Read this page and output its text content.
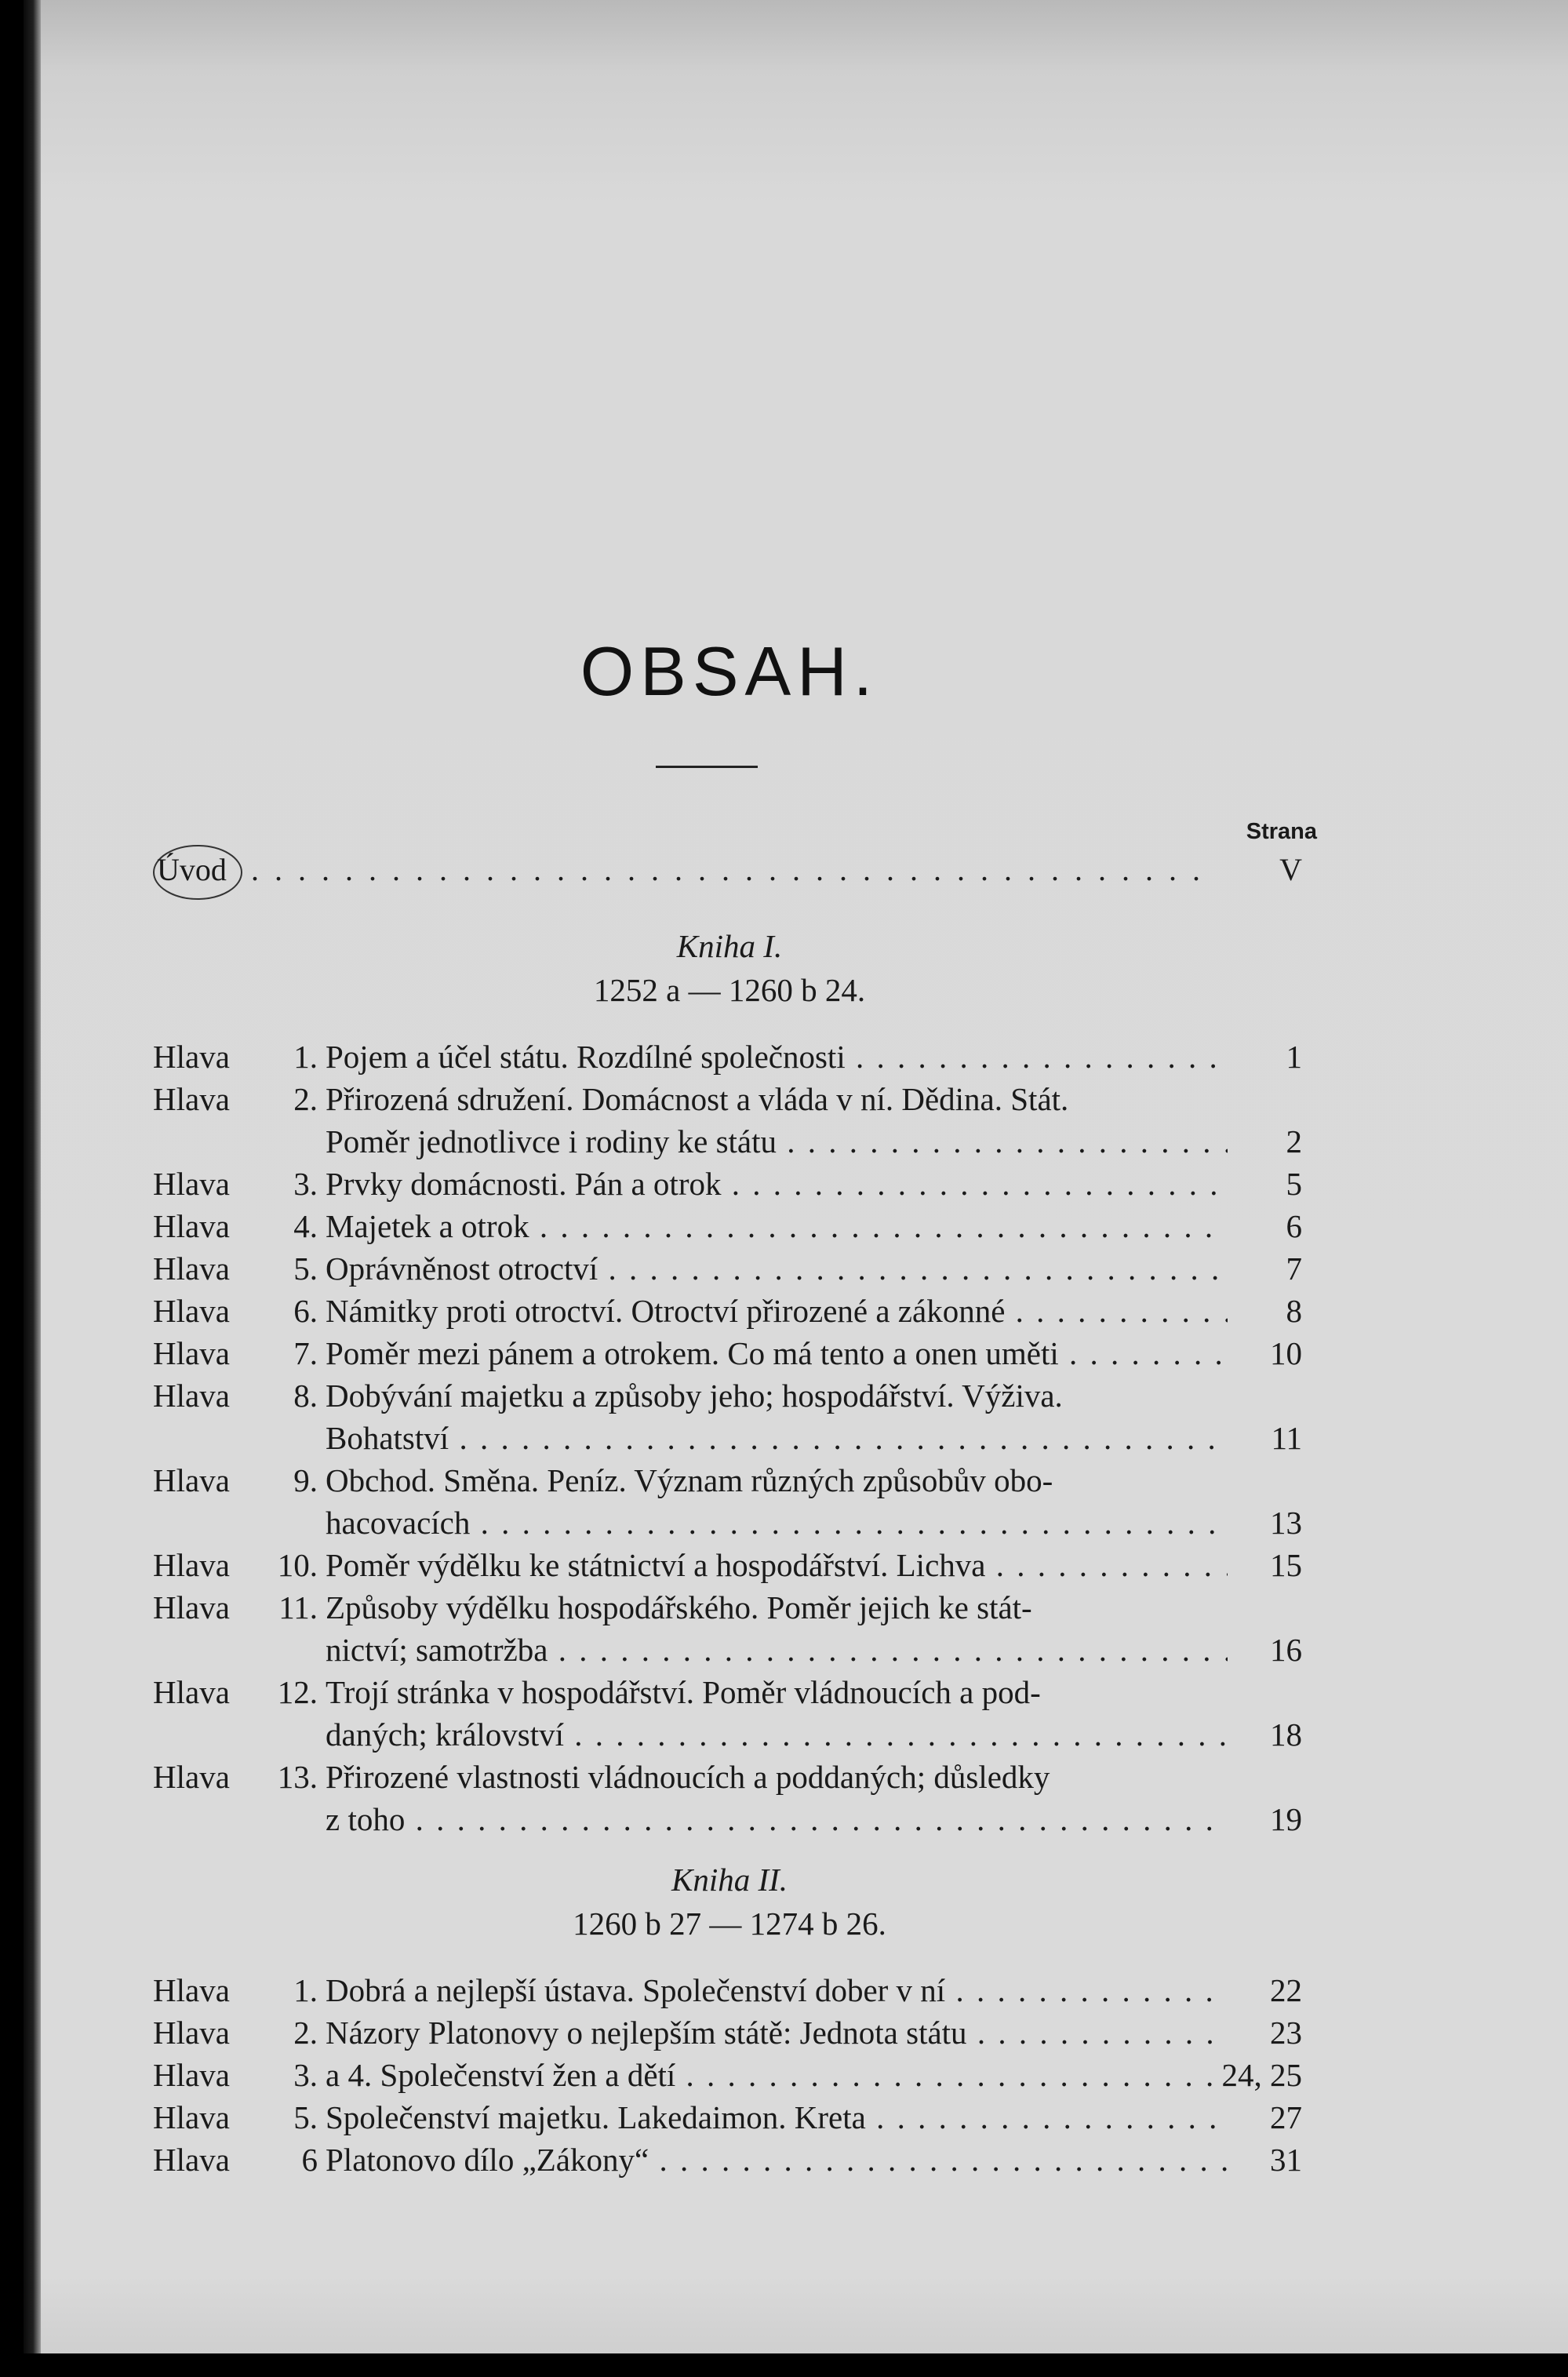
OBSAH.
Strana
Úvod . . .	V
Kniha I.
1252 a — 1260 b 24.
Hlava	1. Pojem a účel státu. Rozdílné společnosti . . .	1
Hlava	2. Přirozená sdružení. Domácnost a vláda v ní. Dědina. Stát.
Poměr jednotlivce i rodiny ke státu . . .	2
Hlava	3. Prvky domácnosti. Pán a otrok . . .	5
Hlava	4. Majetek a otrok . . .	6
Hlava	5. Oprávněnost otroctví . . .	7
Hlava	6. Námitky proti otroctví. Otroctví přirozené a zákonné . . .	8
Hlava	7. Poměr mezi pánem a otrokem. Co má tento a onen uměti . . .	10
Hlava	8. Dobývání majetku a způsoby jeho; hospodářství. Výživa.
Bohatství . . .	11
Hlava	9. Obchod. Směna. Peníz. Význam různých způsobův obo-
hacovacích . . .	13
Hlava	10. Poměr výdělku ke státnictví a hospodářství. Lichva . . .	15
Hlava	11. Způsoby výdělku hospodářského. Poměr jejich ke stát-
nictví; samotržba . . .	16
Hlava	12. Trojí stránka v hospodářství. Poměr vládnoucích a pod-
daných; království . . .	18
Hlava	13. Přirozené vlastnosti vládnoucích a poddaných; důsledky
z toho . . .	19
Kniha II.
1260 b 27 — 1274 b 26.
Hlava	1. Dobrá a nejlepší ústava. Společenství dober v ní . . .	22
Hlava	2. Názory Platonovy o nejlepším státě: Jednota státu . . .	23
Hlava	3. a 4. Společenství žen a dětí . . .	24, 25
Hlava	5. Společenství majetku. Lakedaimon. Kreta . . .	27
Hlava	6 Platonovo dílo „Zákony“ . . .	31
